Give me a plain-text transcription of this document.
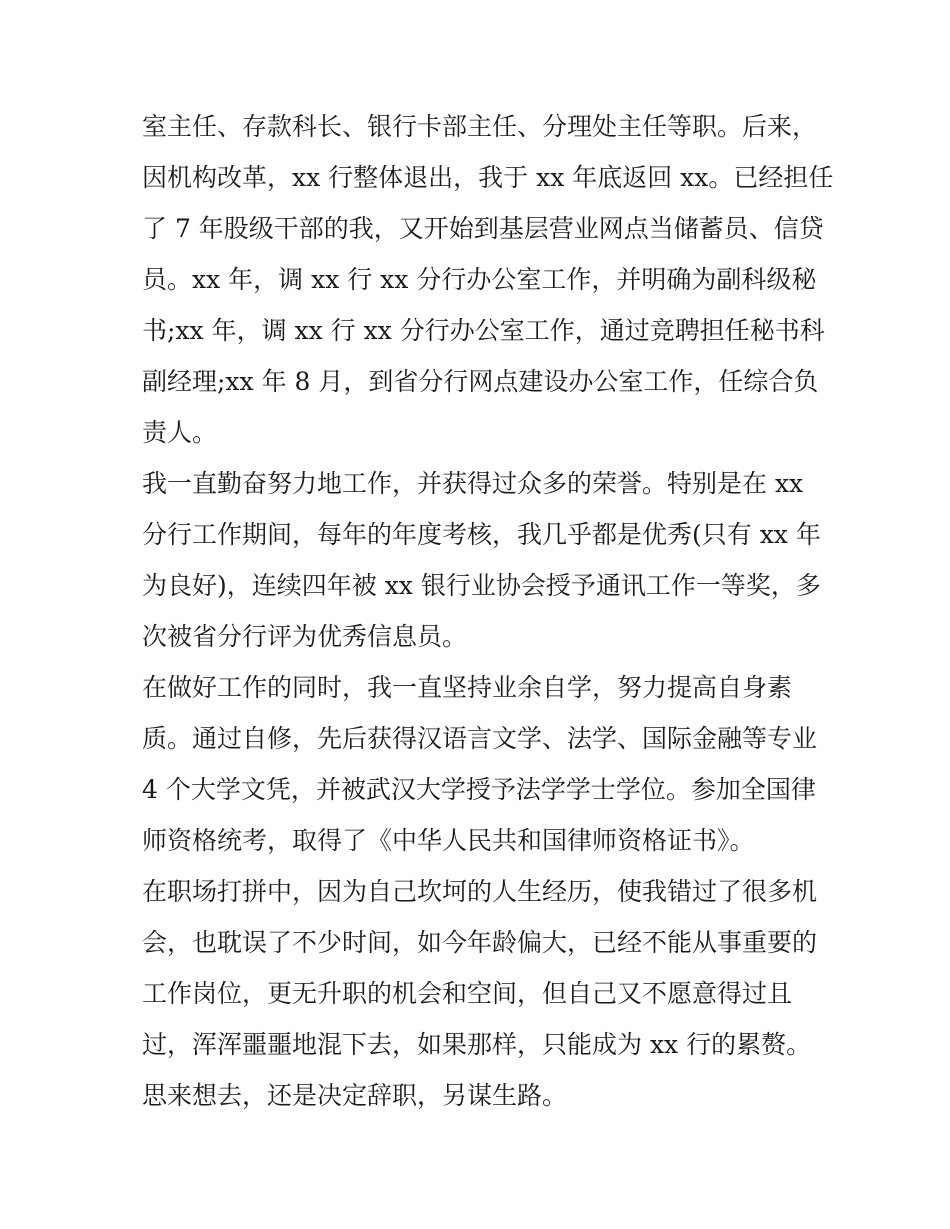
室主任、存款科长、银行卡部主任、分理处主任等职。后来，
因机构改革，xx 行整体退出，我于 xx 年底返回 xx。已经担任
了 7 年股级干部的我，又开始到基层营业网点当储蓄员、信贷
员。xx 年，调 xx 行 xx 分行办公室工作，并明确为副科级秘
书;xx 年，调 xx 行 xx 分行办公室工作，通过竞聘担任秘书科
副经理;xx 年 8 月，到省分行网点建设办公室工作，任综合负
责人。
我一直勤奋努力地工作，并获得过众多的荣誉。特别是在 xx
分行工作期间，每年的年度考核，我几乎都是优秀(只有 xx 年
为良好)，连续四年被 xx 银行业协会授予通讯工作一等奖，多
次被省分行评为优秀信息员。
在做好工作的同时，我一直坚持业余自学，努力提高自身素
质。通过自修，先后获得汉语言文学、法学、国际金融等专业
4 个大学文凭，并被武汉大学授予法学学士学位。参加全国律
师资格统考，取得了《中华人民共和国律师资格证书》。
在职场打拼中，因为自己坎坷的人生经历，使我错过了很多机
会，也耽误了不少时间，如今年龄偏大，已经不能从事重要的
工作岗位，更无升职的机会和空间，但自己又不愿意得过且
过，浑浑噩噩地混下去，如果那样，只能成为 xx 行的累赘。
思来想去，还是决定辞职，另谋生路。
